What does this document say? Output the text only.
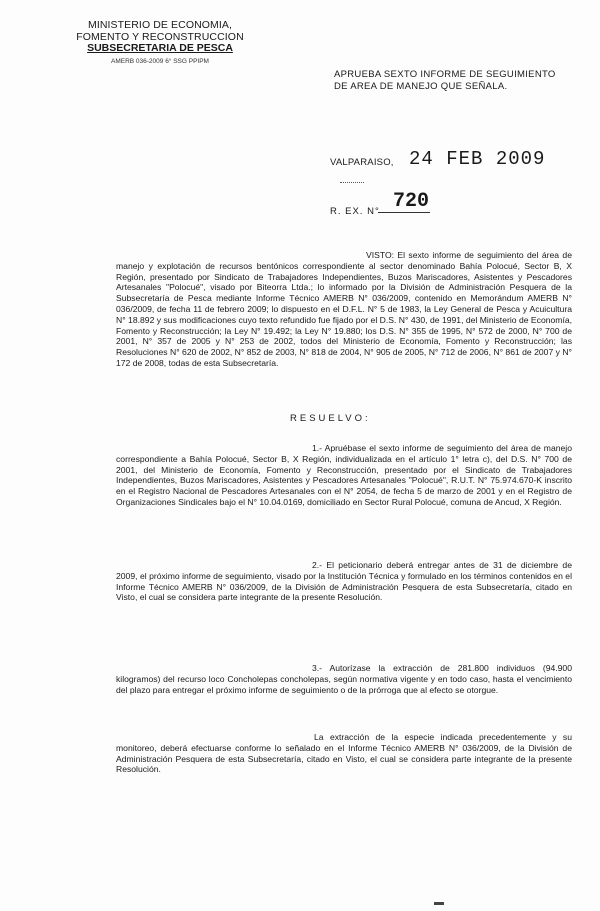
MINISTERIO DE ECONOMIA,
FOMENTO Y RECONSTRUCCION
SUBSECRETARIA DE PESCA
AMERB 036-2009 6° SSG PPIPM
APRUEBA SEXTO INFORME DE SEGUIMIENTO
DE AREA DE MANEJO QUE SEÑALA.
VALPARAISO, 24 FEB 2009
R. EX. N° 720
VISTO: El sexto informe de seguimiento del área de manejo y explotación de recursos bentónicos correspondiente al sector denominado Bahía Polocué, Sector B, X Región, presentado por Sindicato de Trabajadores Independientes, Buzos Mariscadores, Asistentes y Pescadores Artesanales "Polocué", visado por Biteorra Ltda.; lo informado por la División de Administración Pesquera de la Subsecretaría de Pesca mediante Informe Técnico AMERB N° 036/2009, contenido en Memorándum AMERB N° 036/2009, de fecha 11 de febrero 2009; lo dispuesto en el D.F.L. N° 5 de 1983, la Ley General de Pesca y Acuicultura N° 18.892 y sus modificaciones cuyo texto refundido fue fijado por el D.S. N° 430, de 1991, del Ministerio de Economía, Fomento y Reconstrucción; la Ley N° 19.492; la Ley N° 19.880; los D.S. N° 355 de 1995, N° 572 de 2000, N° 700 de 2001, N° 357 de 2005 y N° 253 de 2002, todos del Ministerio de Economía, Fomento y Reconstrucción; las Resoluciones N° 620 de 2002, N° 852 de 2003, N° 818 de 2004, N° 905 de 2005, N° 712 de 2006, N° 861 de 2007 y N° 172 de 2008, todas de esta Subsecretaría.
RESUELVO:
1.- Apruébase el sexto informe de seguimiento del área de manejo correspondiente a Bahía Polocué, Sector B, X Región, individualizada en el artículo 1° letra c), del D.S. N° 700 de 2001, del Ministerio de Economía, Fomento y Reconstrucción, presentado por el Sindicato de Trabajadores Independientes, Buzos Mariscadores, Asistentes y Pescadores Artesanales "Polocué", R.U.T. N° 75.974.670-K inscrito en el Registro Nacional de Pescadores Artesanales con el N° 2054, de fecha 5 de marzo de 2001 y en el Registro de Organizaciones Sindicales bajo el N° 10.04.0169, domiciliado en Sector Rural Polocué, comuna de Ancud, X Región.
2.- El peticionario deberá entregar antes de 31 de diciembre de 2009, el próximo informe de seguimiento, visado por la Institución Técnica y formulado en los términos contenidos en el Informe Técnico AMERB N° 036/2009, de la División de Administración Pesquera de esta Subsecretaría, citado en Visto, el cual se considera parte integrante de la presente Resolución.
3.- Autorízase la extracción de 281.800 individuos (94.900 kilogramos) del recurso loco Concholepas concholepas, según normativa vigente y en todo caso, hasta el vencimiento del plazo para entregar el próximo informe de seguimiento o de la prórroga que al efecto se otorgue.
La extracción de la especie indicada precedentemente y su monitoreo, deberá efectuarse conforme lo señalado en el Informe Técnico AMERB N° 036/2009, de la División de Administración Pesquera de esta Subsecretaría, citado en Visto, el cual se considera parte integrante de la presente Resolución.
